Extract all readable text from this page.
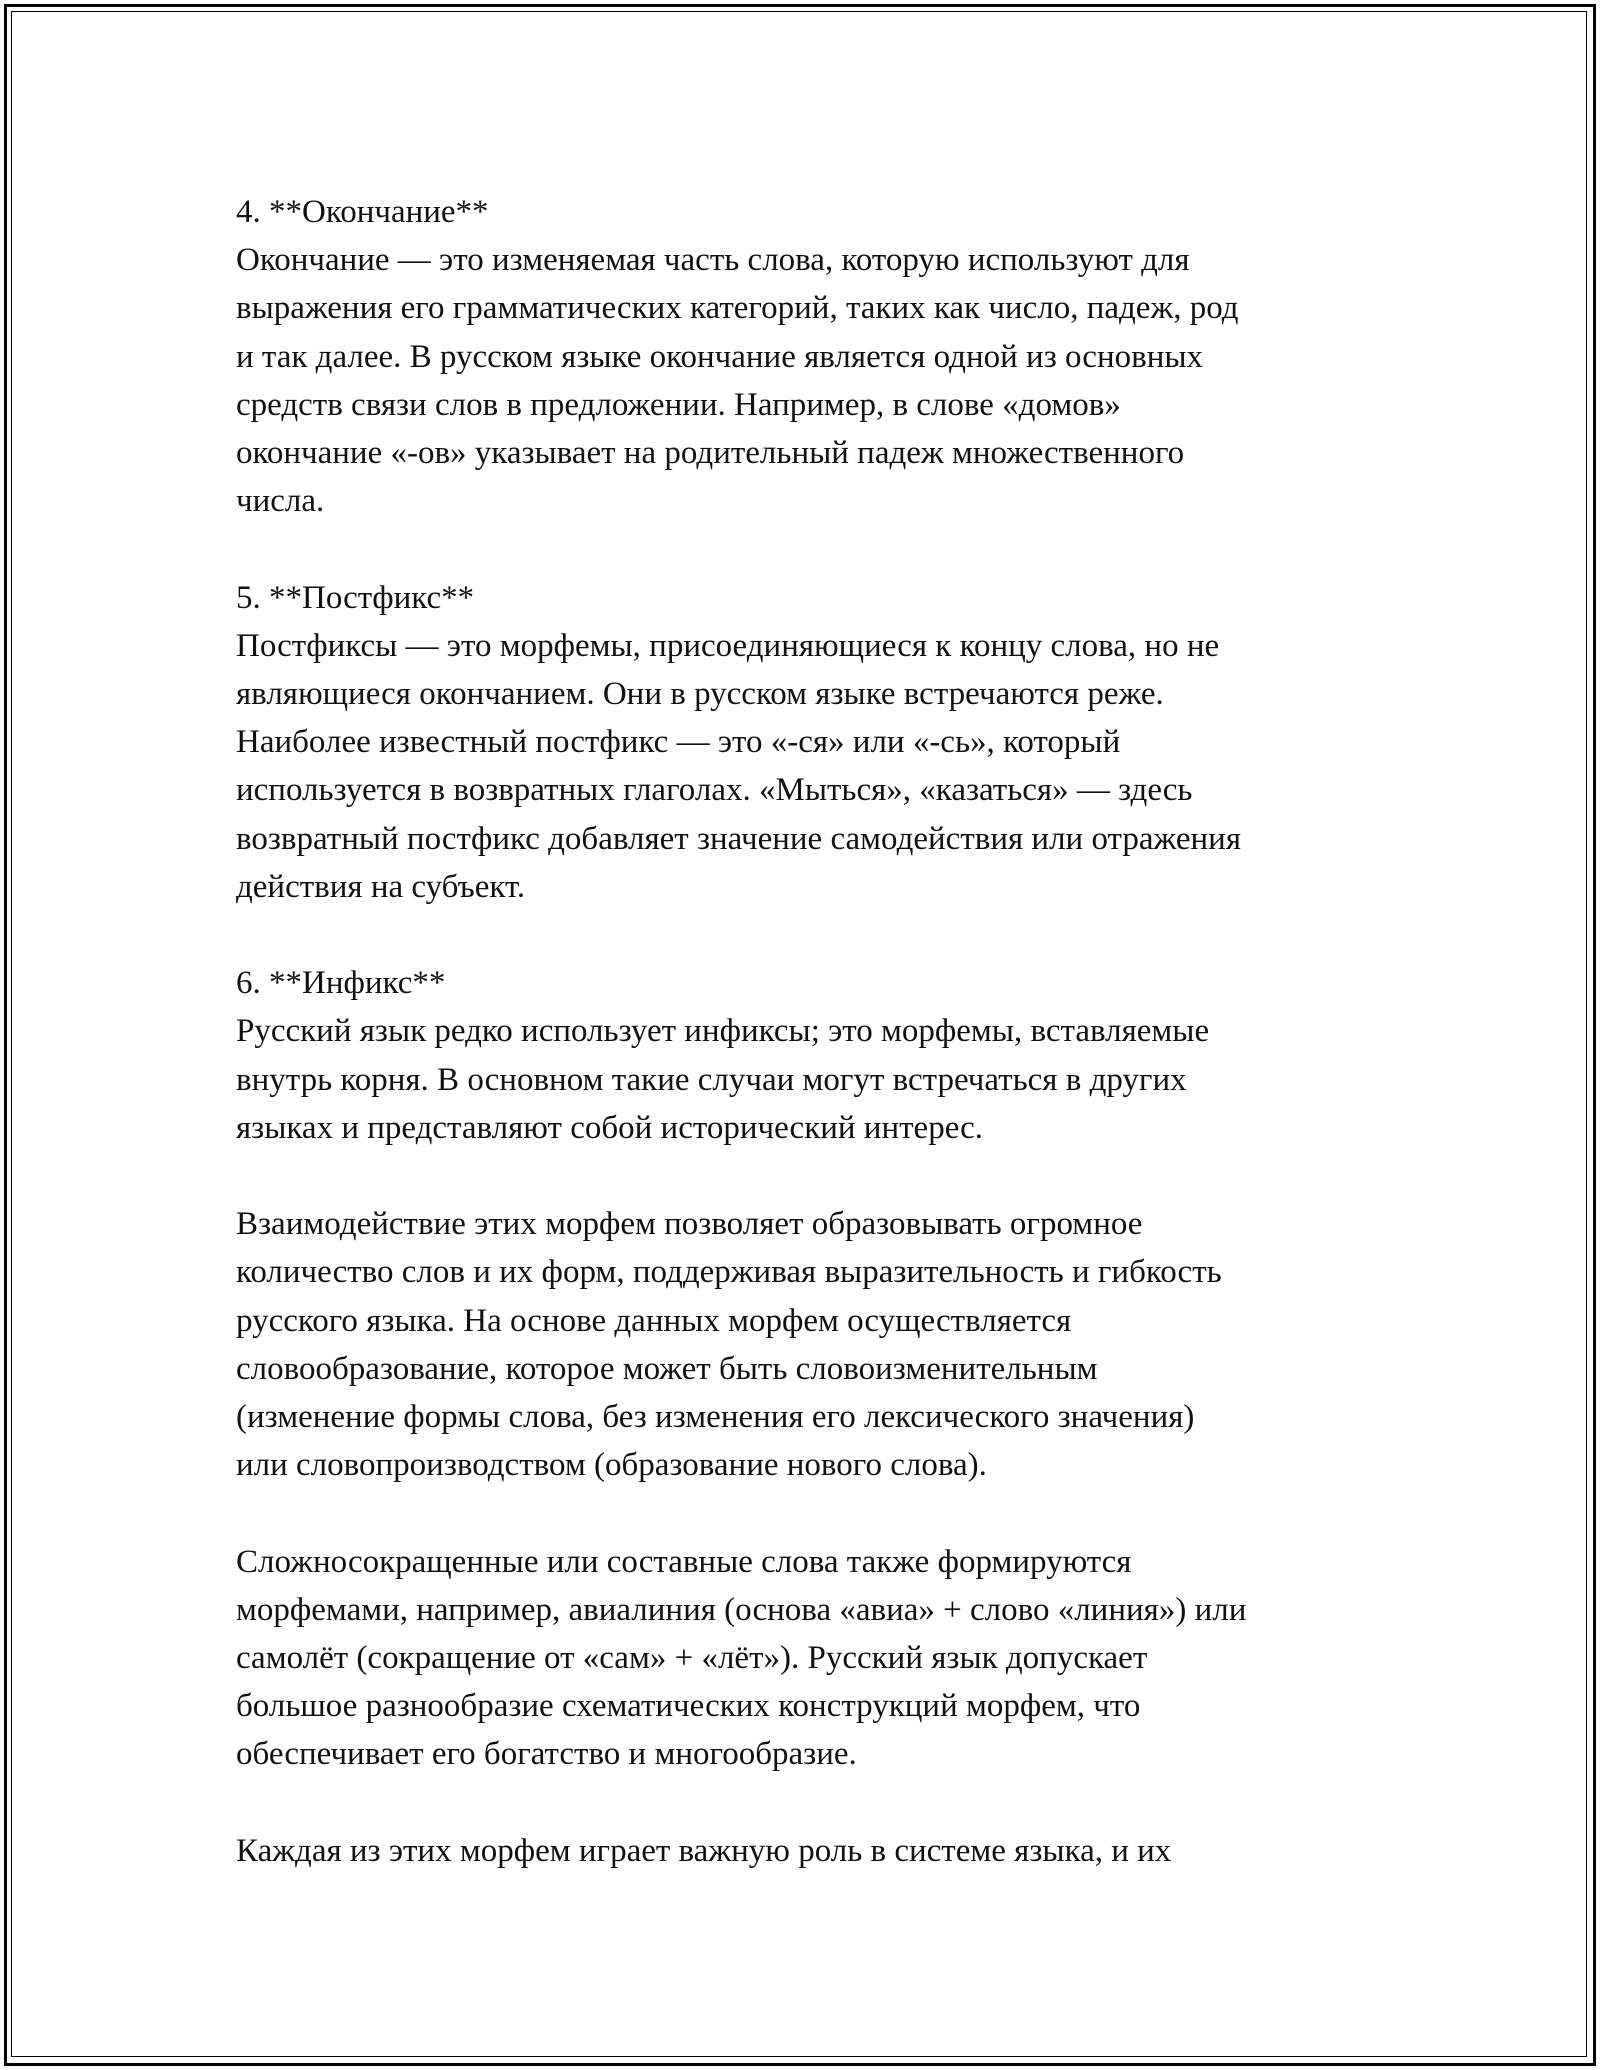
4. **Окончание**
Окончание — это изменяемая часть слова, которую используют для
выражения его грамматических категорий, таких как число, падеж, род
и так далее. В русском языке окончание является одной из основных
средств связи слов в предложении. Например, в слове «домов»
окончание «-ов» указывает на родительный падеж множественного
числа.
5. **Постфикс**
Постфиксы — это морфемы, присоединяющиеся к концу слова, но не
являющиеся окончанием. Они в русском языке встречаются реже.
Наиболее известный постфикс — это «-ся» или «-сь», который
используется в возвратных глаголах. «Мыться», «казаться» — здесь
возвратный постфикс добавляет значение самодействия или отражения
действия на субъект.
6. **Инфикс**
Русский язык редко использует инфиксы; это морфемы, вставляемые
внутрь корня. В основном такие случаи могут встречаться в других
языках и представляют собой исторический интерес.
Взаимодействие этих морфем позволяет образовывать огромное
количество слов и их форм, поддерживая выразительность и гибкость
русского языка. На основе данных морфем осуществляется
словообразование, которое может быть словоизменительным
(изменение формы слова, без изменения его лексического значения)
или словопроизводством (образование нового слова).
Сложносокращенные или составные слова также формируются
морфемами, например, авиалиния (основа «авиа» + слово «линия») или
самолёт (сокращение от «сам» + «лёт»). Русский язык допускает
большое разнообразие схематических конструкций морфем, что
обеспечивает его богатство и многообразие.
Каждая из этих морфем играет важную роль в системе языка, и их
